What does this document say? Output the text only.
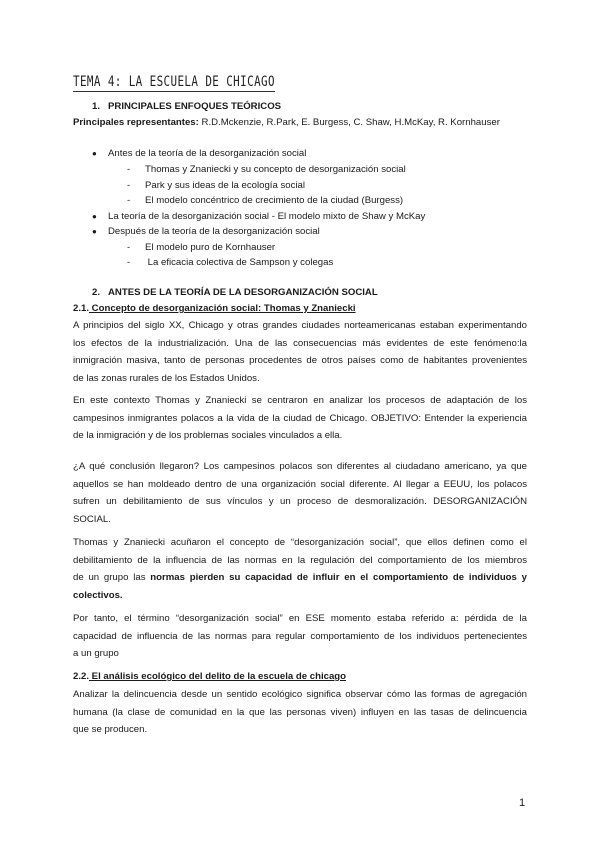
TEMA 4: LA ESCUELA DE CHICAGO
1. PRINCIPALES ENFOQUES TEÓRICOS
Principales representantes: R.D.Mckenzie, R.Park, E. Burgess, C. Shaw, H.McKay, R. Kornhauser
● Antes de la teoría de la desorganización social
- Thomas y Znaniecki y su concepto de desorganización social
- Park y sus ideas de la ecología social
- El modelo concéntrico de crecimiento de la ciudad (Burgess)
● La teoría de la desorganización social - El modelo mixto de Shaw y McKay
● Después de la teoría de la desorganización social
- El modelo puro de Kornhauser
- La eficacia colectiva de Sampson y colegas
2. ANTES DE LA TEORÍA DE LA DESORGANIZACIÓN SOCIAL
2.1. Concepto de desorganización social: Thomas y Znaniecki
A principios del siglo XX, Chicago y otras grandes ciudades norteamericanas estaban experimentando
los efectos de la industrialización. Una de las consecuencias más evidentes de este fenómeno:la
inmigración masiva, tanto de personas procedentes de otros países como de habitantes provenientes
de las zonas rurales de los Estados Unidos.
En este contexto Thomas y Znaniecki se centraron en analizar los procesos de adaptación de los
campesinos inmigrantes polacos a la vida de la ciudad de Chicago. OBJETIVO: Entender la experiencia
de la inmigración y de los problemas sociales vinculados a ella.
¿A qué conclusión llegaron? Los campesinos polacos son diferentes al ciudadano americano, ya que
aquellos se han moldeado dentro de una organización social diferente. Al llegar a EEUU, los polacos
sufren un debilitamiento de sus vínculos y un proceso de desmoralización. DESORGANIZACIÓN
SOCIAL.
Thomas y Znaniecki acuñaron el concepto de “desorganización social”, que ellos definen como el
debilitamiento de la influencia de las normas en la regulación del comportamiento de los miembros
de un grupo las normas pierden su capacidad de influir en el comportamiento de individuos y
colectivos.
Por tanto, el término “desorganización social” en ESE momento estaba referido a: pérdida de la
capacidad de influencia de las normas para regular comportamiento de los individuos pertenecientes
a un grupo
2.2. El análisis ecológico del delito de la escuela de chicago
Analizar la delincuencia desde un sentido ecológico significa observar cómo las formas de agregación
humana (la clase de comunidad en la que las personas viven) influyen en las tasas de delincuencia
que se producen.
1
